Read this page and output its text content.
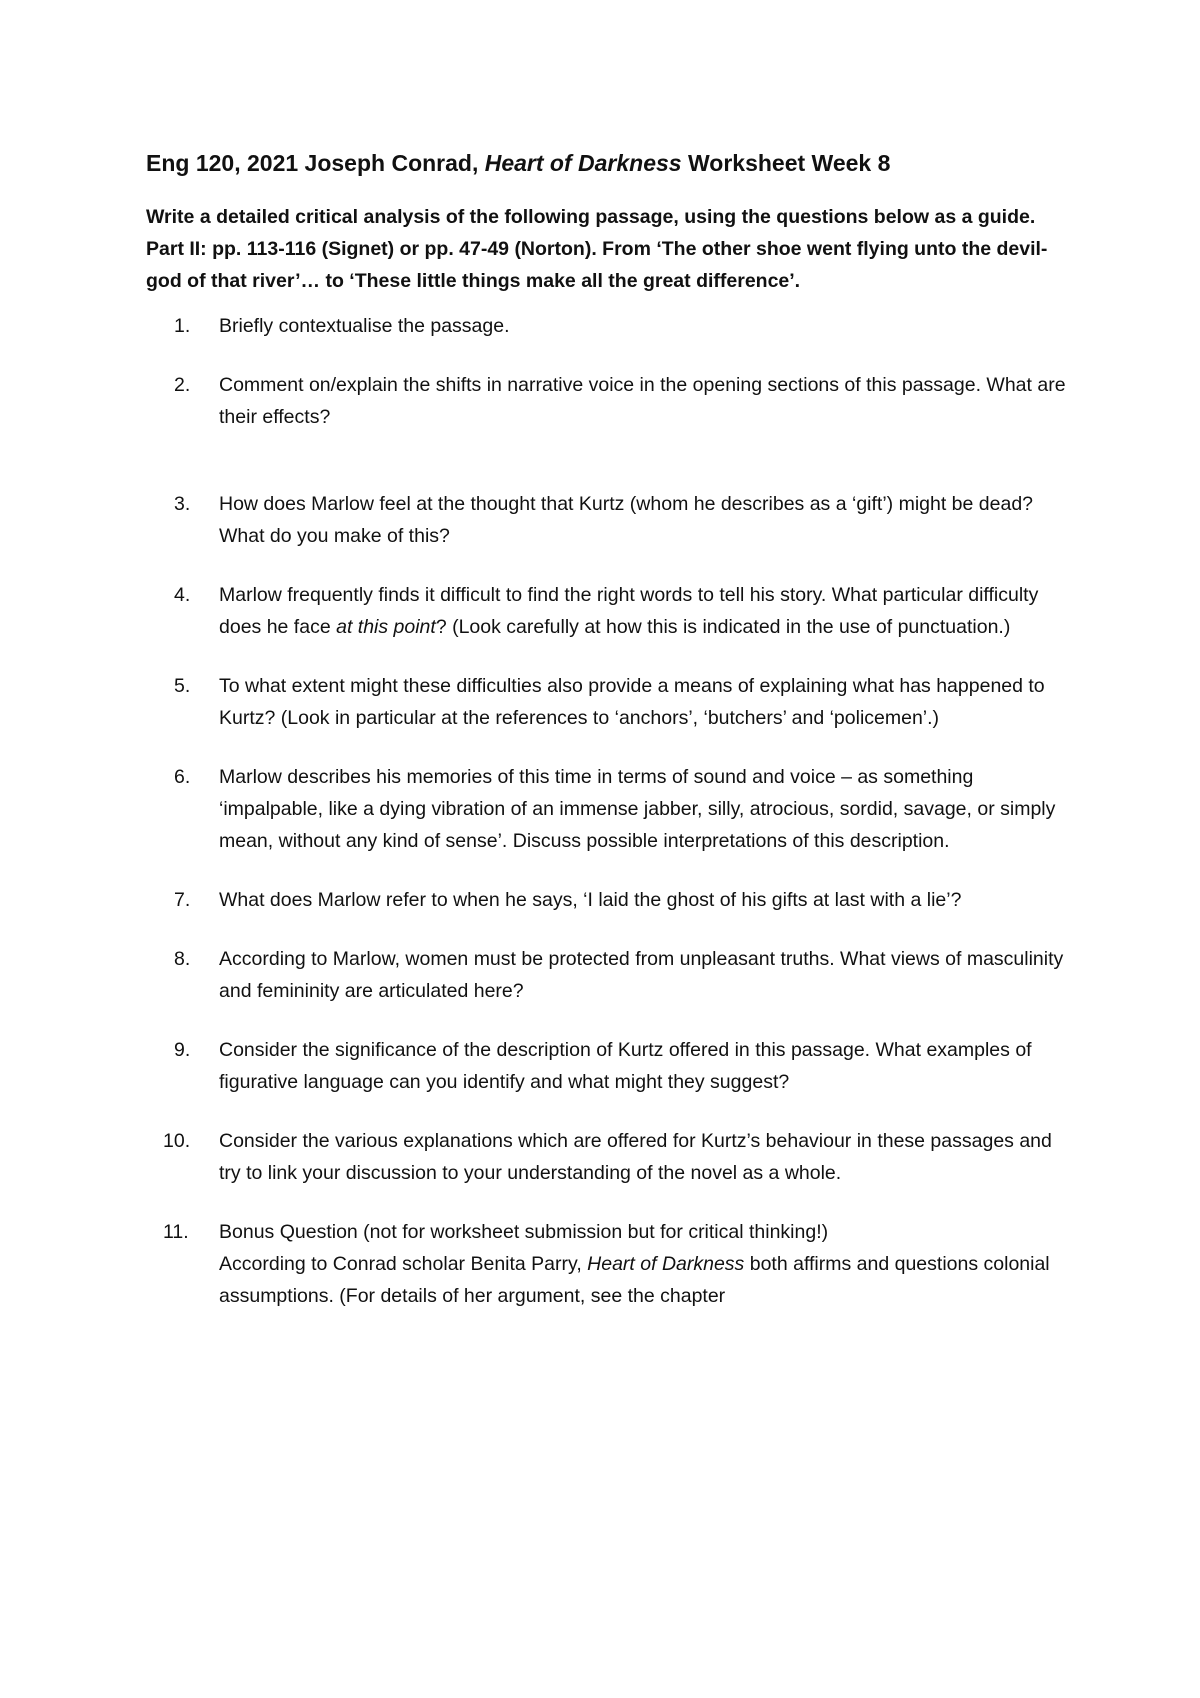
Eng 120, 2021 Joseph Conrad, Heart of Darkness Worksheet Week 8
Write a detailed critical analysis of the following passage, using the questions below as a guide. Part II: pp. 113-116 (Signet) or pp. 47-49 (Norton). From ‘The other shoe went flying unto the devil-god of that river’… to ‘These little things make all the great difference’.
1. Briefly contextualise the passage.
2. Comment on/explain the shifts in narrative voice in the opening sections of this passage. What are their effects?
3. How does Marlow feel at the thought that Kurtz (whom he describes as a ‘gift’) might be dead? What do you make of this?
4. Marlow frequently finds it difficult to find the right words to tell his story. What particular difficulty does he face at this point? (Look carefully at how this is indicated in the use of punctuation.)
5. To what extent might these difficulties also provide a means of explaining what has happened to Kurtz? (Look in particular at the references to ‘anchors’, ‘butchers’ and ‘policemen’.)
6. Marlow describes his memories of this time in terms of sound and voice – as something ‘impalpable, like a dying vibration of an immense jabber, silly, atrocious, sordid, savage, or simply mean, without any kind of sense’. Discuss possible interpretations of this description.
7. What does Marlow refer to when he says, ‘I laid the ghost of his gifts at last with a lie’?
8. According to Marlow, women must be protected from unpleasant truths. What views of masculinity and femininity are articulated here?
9. Consider the significance of the description of Kurtz offered in this passage. What examples of figurative language can you identify and what might they suggest?
10. Consider the various explanations which are offered for Kurtz’s behaviour in these passages and try to link your discussion to your understanding of the novel as a whole.
11. Bonus Question (not for worksheet submission but for critical thinking!)
According to Conrad scholar Benita Parry, Heart of Darkness both affirms and questions colonial assumptions. (For details of her argument, see the chapter
